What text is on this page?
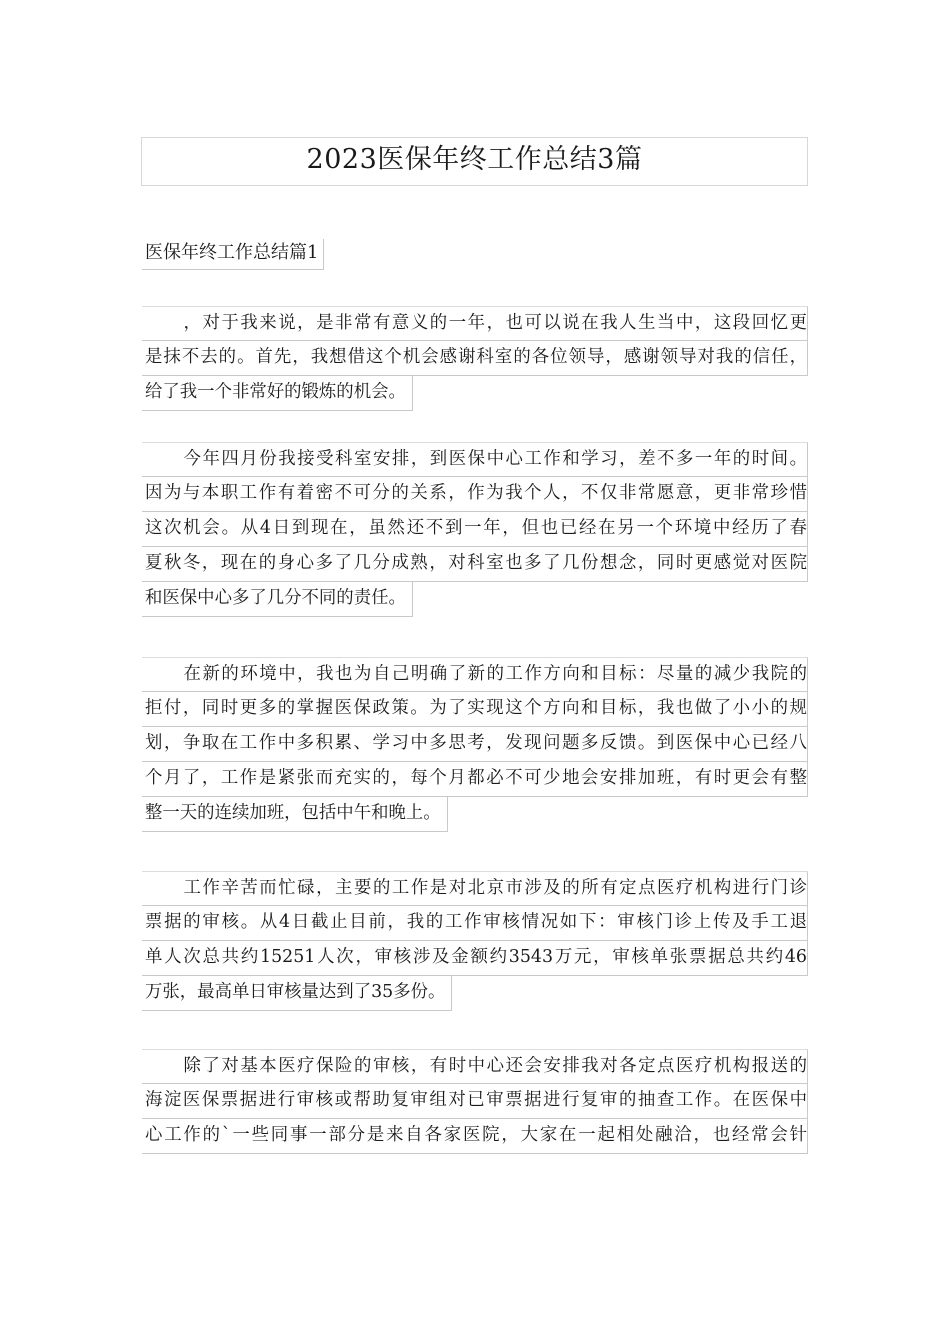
2023医保年终工作总结3篇
医保年终工作总结篇1
，对于我来说，是非常有意义的一年，也可以说在我人生当中，这段回忆更
是抹不去的。首先，我想借这个机会感谢科室的各位领导，感谢领导对我的信任，
给了我一个非常好的锻炼的机会。
今年四月份我接受科室安排，到医保中心工作和学习，差不多一年的时间。
因为与本职工作有着密不可分的关系，作为我个人，不仅非常愿意，更非常珍惜
这次机会。从4日到现在，虽然还不到一年，但也已经在另一个环境中经历了春
夏秋冬，现在的身心多了几分成熟，对科室也多了几份想念，同时更感觉对医院
和医保中心多了几分不同的责任。
在新的环境中，我也为自己明确了新的工作方向和目标：尽量的减少我院的
拒付，同时更多的掌握医保政策。为了实现这个方向和目标，我也做了小小的规
划，争取在工作中多积累、学习中多思考，发现问题多反馈。到医保中心已经八
个月了，工作是紧张而充实的，每个月都必不可少地会安排加班，有时更会有整
整一天的连续加班，包括中午和晚上。
工作辛苦而忙碌，主要的工作是对北京市涉及的所有定点医疗机构进行门诊
票据的审核。从4日截止目前，我的工作审核情况如下：审核门诊上传及手工退
单人次总共约15251人次，审核涉及金额约3543万元，审核单张票据总共约46
万张，最高单日审核量达到了35多份。
除了对基本医疗保险的审核，有时中心还会安排我对各定点医疗机构报送的
海淀医保票据进行审核或帮助复审组对已审票据进行复审的抽查工作。在医保中
心工作的`一些同事一部分是来自各家医院，大家在一起相处融洽，也经常会针
